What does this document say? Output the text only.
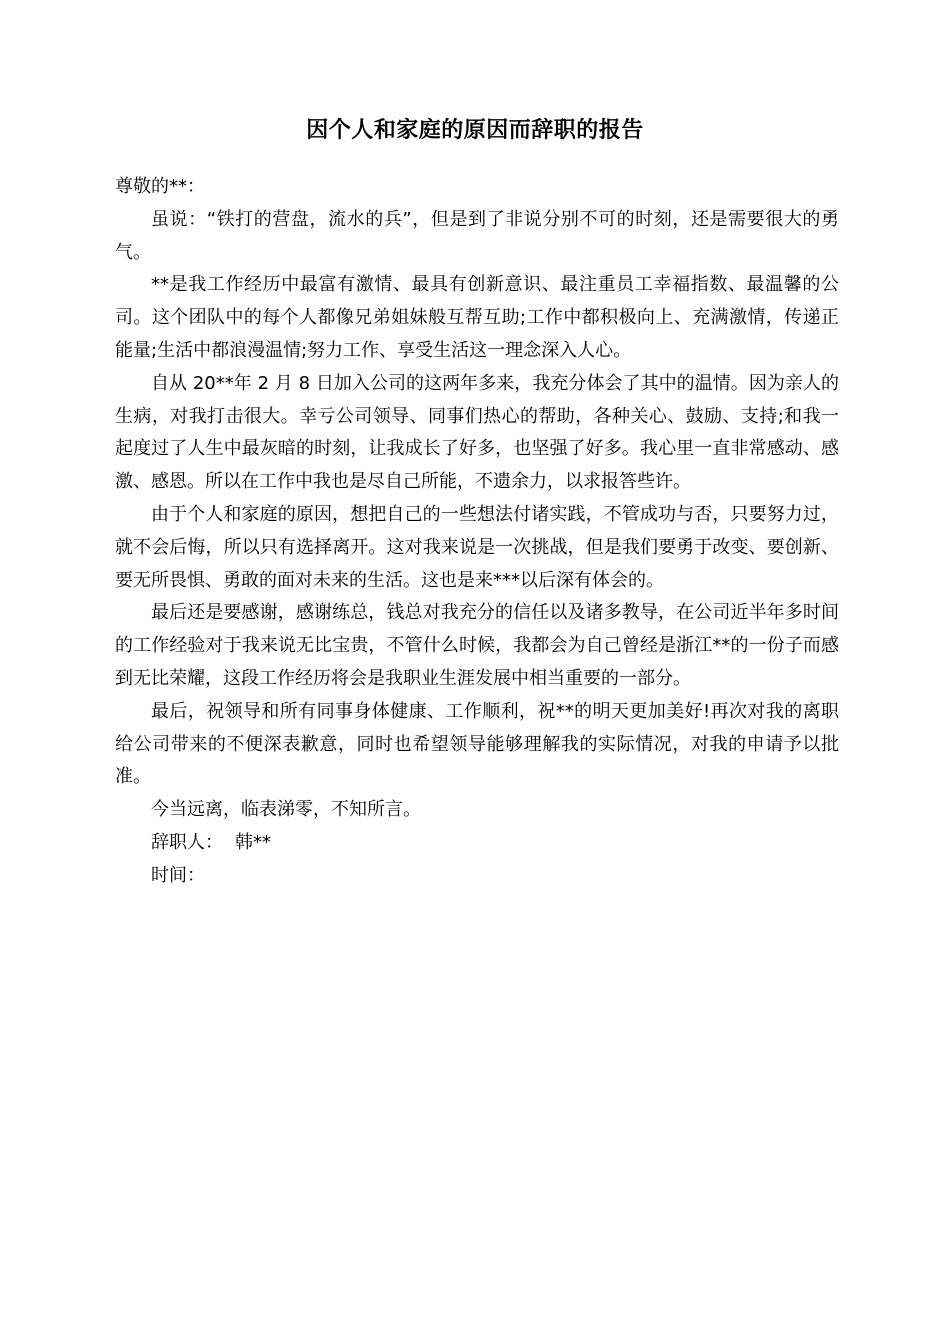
因个人和家庭的原因而辞职的报告

尊敬的**：

虽说：“铁打的营盘，流水的兵”，但是到了非说分别不可的时刻，还是需要很大的勇气。

**是我工作经历中最富有激情、最具有创新意识、最注重员工幸福指数、最温馨的公司。这个团队中的每个人都像兄弟姐妹般互帮互助;工作中都积极向上、充满激情，传递正能量;生活中都浪漫温情;努力工作、享受生活这一理念深入人心。

自从 20**年 2 月 8 日加入公司的这两年多来，我充分体会了其中的温情。因为亲人的生病，对我打击很大。幸亏公司领导、同事们热心的帮助，各种关心、鼓励、支持;和我一起度过了人生中最灰暗的时刻，让我成长了好多，也坚强了好多。我心里一直非常感动、感激、感恩。所以在工作中我也是尽自己所能，不遗余力，以求报答些许。

由于个人和家庭的原因，想把自己的一些想法付诸实践，不管成功与否，只要努力过，就不会后悔，所以只有选择离开。这对我来说是一次挑战，但是我们要勇于改变、要创新、要无所畏惧、勇敢的面对未来的生活。这也是来***以后深有体会的。

最后还是要感谢，感谢练总，钱总对我充分的信任以及诸多教导，在公司近半年多时间的工作经验对于我来说无比宝贵，不管什么时候，我都会为自己曾经是浙江**的一份子而感到无比荣耀，这段工作经历将会是我职业生涯发展中相当重要的一部分。

最后，祝领导和所有同事身体健康、工作顺利，祝**的明天更加美好!再次对我的离职给公司带来的不便深表歉意，同时也希望领导能够理解我的实际情况，对我的申请予以批准。

今当远离，临表涕零，不知所言。

辞职人： 韩**

时间：
